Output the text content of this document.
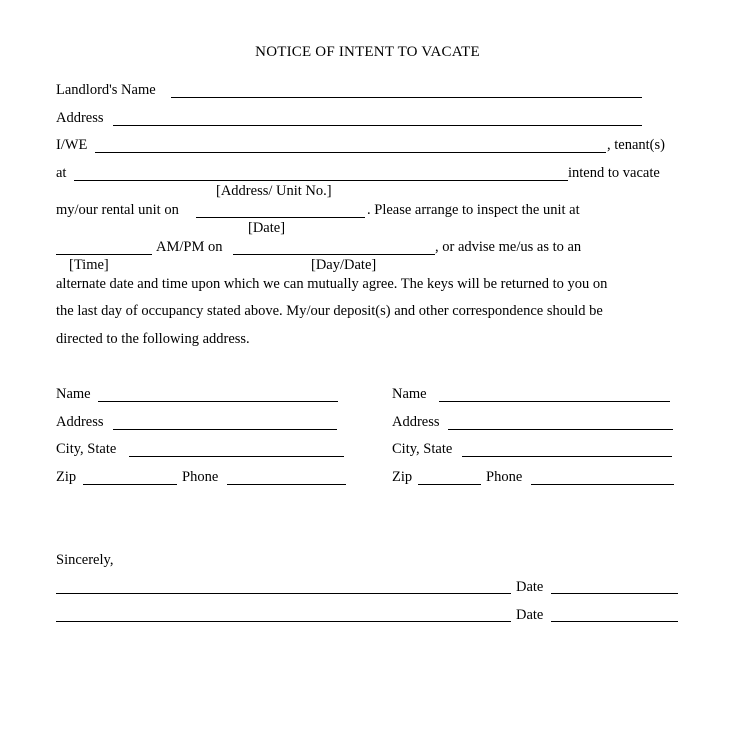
NOTICE OF INTENT TO VACATE
Landlord's Name
Address
I/WE	, tenant(s)
at	intend to vacate
[Address/ Unit No.]
my/our rental unit on	. Please arrange to inspect the unit at
[Date]
AM/PM on	, or advise me/us as to an
[Time]	[Day/Date]
alternate date and time upon which we can mutually agree. The keys will be returned to you on
the last day of occupancy stated above. My/our deposit(s) and other correspondence should be
directed to the following address.
Name
Address
City, State
Zip	Phone
Name
Address
City, State
Zip	Phone
Sincerely,
Date
Date
